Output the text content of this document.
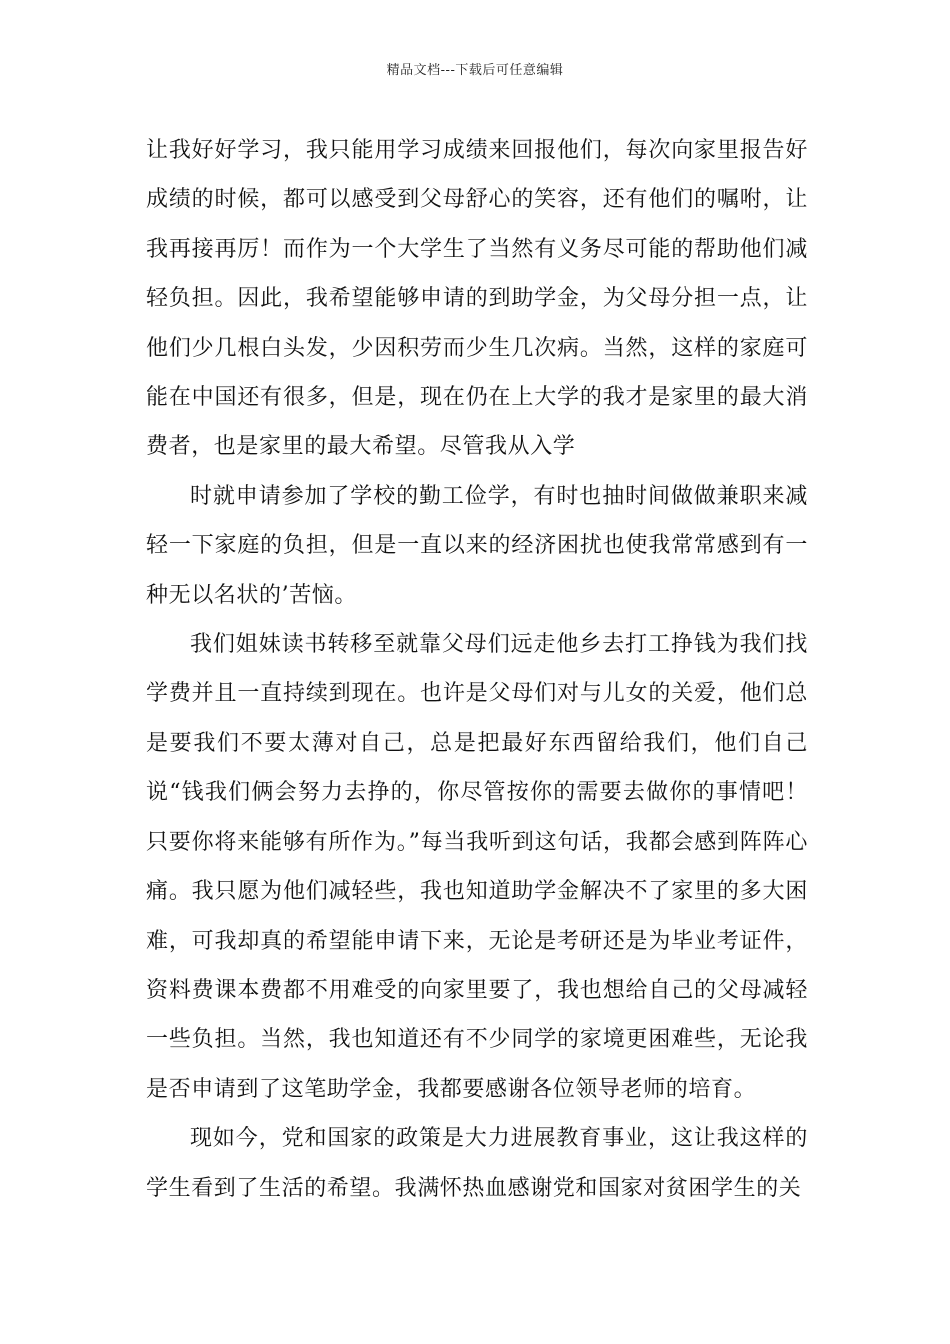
精品文档---下载后可任意编辑

让我好好学习，我只能用学习成绩来回报他们，每次向家里报告好成绩的时候，都可以感受到父母舒心的笑容，还有他们的嘱咐，让我再接再厉！而作为一个大学生了当然有义务尽可能的帮助他们减轻负担。因此，我希望能够申请的到助学金，为父母分担一点，让他们少几根白头发，少因积劳而少生几次病。当然，这样的家庭可能在中国还有很多，但是，现在仍在上大学的我才是家里的最大消费者，也是家里的最大希望。尽管我从入学

时就申请参加了学校的勤工俭学，有时也抽时间做做兼职来减轻一下家庭的负担，但是一直以来的经济困扰也使我常常感到有一种无以名状的’苦恼。

我们姐妹读书转移至就靠父母们远走他乡去打工挣钱为我们找学费并且一直持续到现在。也许是父母们对与儿女的关爱，他们总是要我们不要太薄对自己，总是把最好东西留给我们，他们自己说“钱我们俩会努力去挣的，你尽管按你的需要去做你的事情吧！只要你将来能够有所作为。”每当我听到这句话，我都会感到阵阵心痛。我只愿为他们减轻些，我也知道助学金解决不了家里的多大困难，可我却真的希望能申请下来，无论是考研还是为毕业考证件，资料费课本费都不用难受的向家里要了，我也想给自己的父母减轻一些负担。当然，我也知道还有不少同学的家境更困难些，无论我是否申请到了这笔助学金，我都要感谢各位领导老师的培育。

现如今，党和国家的政策是大力进展教育事业，这让我这样的学生看到了生活的希望。我满怀热血感谢党和国家对贫困学生的关
